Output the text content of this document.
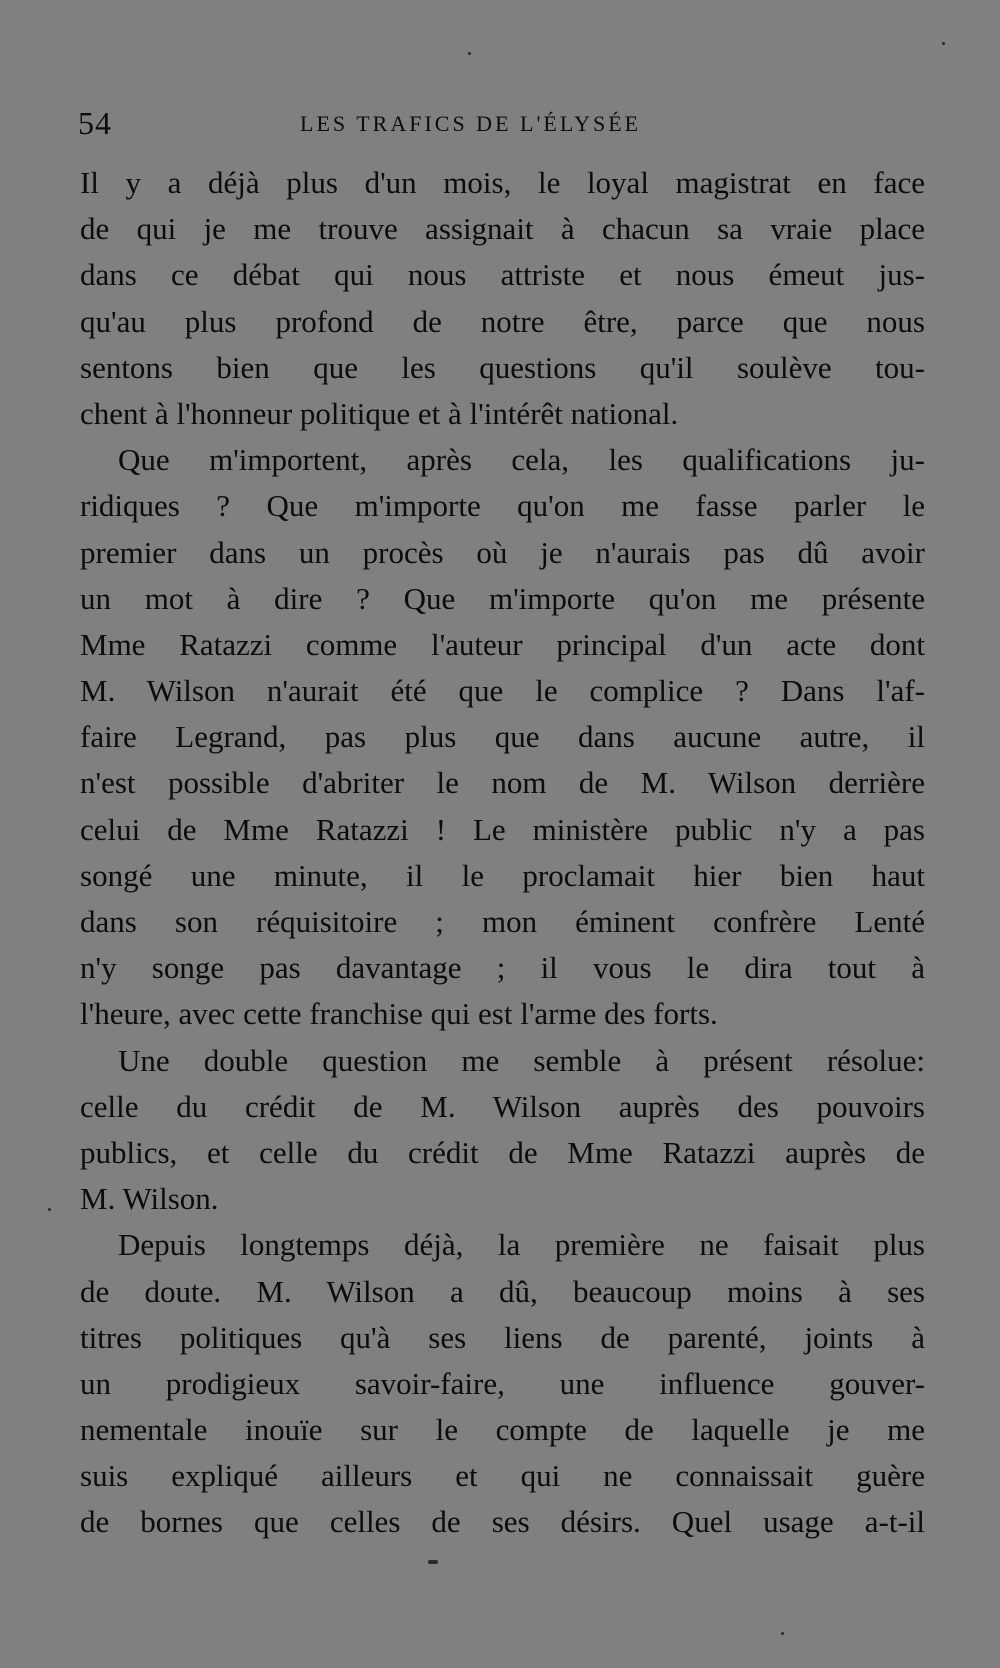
54	LES TRAFICS DE L'ÉLYSÉE

Il y a déjà plus d'un mois, le loyal magistrat en face
de qui je me trouve assignait à chacun sa vraie place
dans ce débat qui nous attriste et nous émeut jus-
qu'au plus profond de notre être, parce que nous
sentons bien que les questions qu'il soulève tou-
chent à l'honneur politique et à l'intérêt national.

Que m'importent, après cela, les qualifications ju-
ridiques ? Que m'importe qu'on me fasse parler le
premier dans un procès où je n'aurais pas dû avoir
un mot à dire ? Que m'importe qu'on me présente
Mme Ratazzi comme l'auteur principal d'un acte dont
M. Wilson n'aurait été que le complice ? Dans l'af-
faire Legrand, pas plus que dans aucune autre, il
n'est possible d'abriter le nom de M. Wilson derrière
celui de Mme Ratazzi ! Le ministère public n'y a pas
songé une minute, il le proclamait hier bien haut
dans son réquisitoire ; mon éminent confrère Lenté
n'y songe pas davantage ; il vous le dira tout à
l'heure, avec cette franchise qui est l'arme des forts.

Une double question me semble à présent résolue:
celle du crédit de M. Wilson auprès des pouvoirs
publics, et celle du crédit de Mme Ratazzi auprès de
M. Wilson.

Depuis longtemps déjà, la première ne faisait plus
de doute. M. Wilson a dû, beaucoup moins à ses
titres politiques qu'à ses liens de parenté, joints à
un prodigieux savoir-faire, une influence gouver-
nementale inouïe sur le compte de laquelle je me
suis expliqué ailleurs et qui ne connaissait guère
de bornes que celles de ses désirs. Quel usage a-t-il
